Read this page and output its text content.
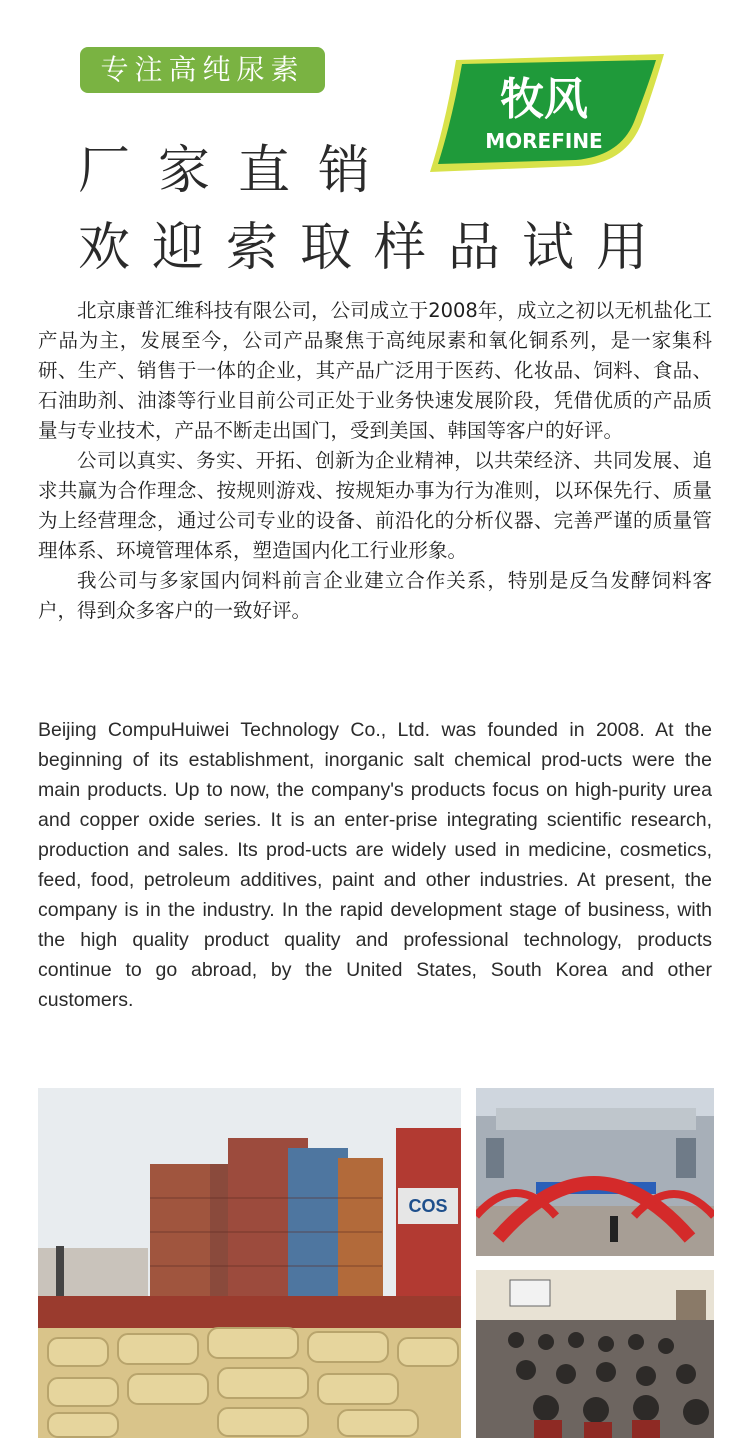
专注高纯尿素
牧风
MOREFINE
厂家直销
欢迎索取样品试用

北京康普汇维科技有限公司，公司成立于2008年，成立之初以无机盐化工产品为主，发展至今，公司产品聚焦于高纯尿素和氧化铜系列，是一家集科研、生产、销售于一体的企业，其产品广泛用于医药、化妆品、饲料、食品、石油助剂、油漆等行业目前公司正处于业务快速发展阶段，凭借优质的产品质量与专业技术，产品不断走出国门，受到美国、韩国等客户的好评。

公司以真实、务实、开拓、创新为企业精神，以共荣经济、共同发展、追求共赢为合作理念、按规则游戏、按规矩办事为行为准则，以环保先行、质量为上经营理念，通过公司专业的设备、前沿化的分析仪器、完善严谨的质量管理体系、环境管理体系，塑造国内化工行业形象。

我公司与多家国内饲料前言企业建立合作关系，特别是反刍发酵饲料客户，得到众多客户的一致好评。

Beijing CompuHuiwei Technology Co., Ltd. was founded in 2008. At the beginning of its establishment, inorganic salt chemical prod-ucts were the main products. Up to now, the company's products focus on high-purity urea and copper oxide series. It is an enter-prise integrating scientific research, production and sales. Its prod-ucts are widely used in medicine, cosmetics, feed, food, petroleum additives, paint and other industries. At present, the company is in the industry. In the rapid development stage of business, with the high quality product quality and professional technology, products continue to go abroad, by the United States, South Korea and other customers.

COS
